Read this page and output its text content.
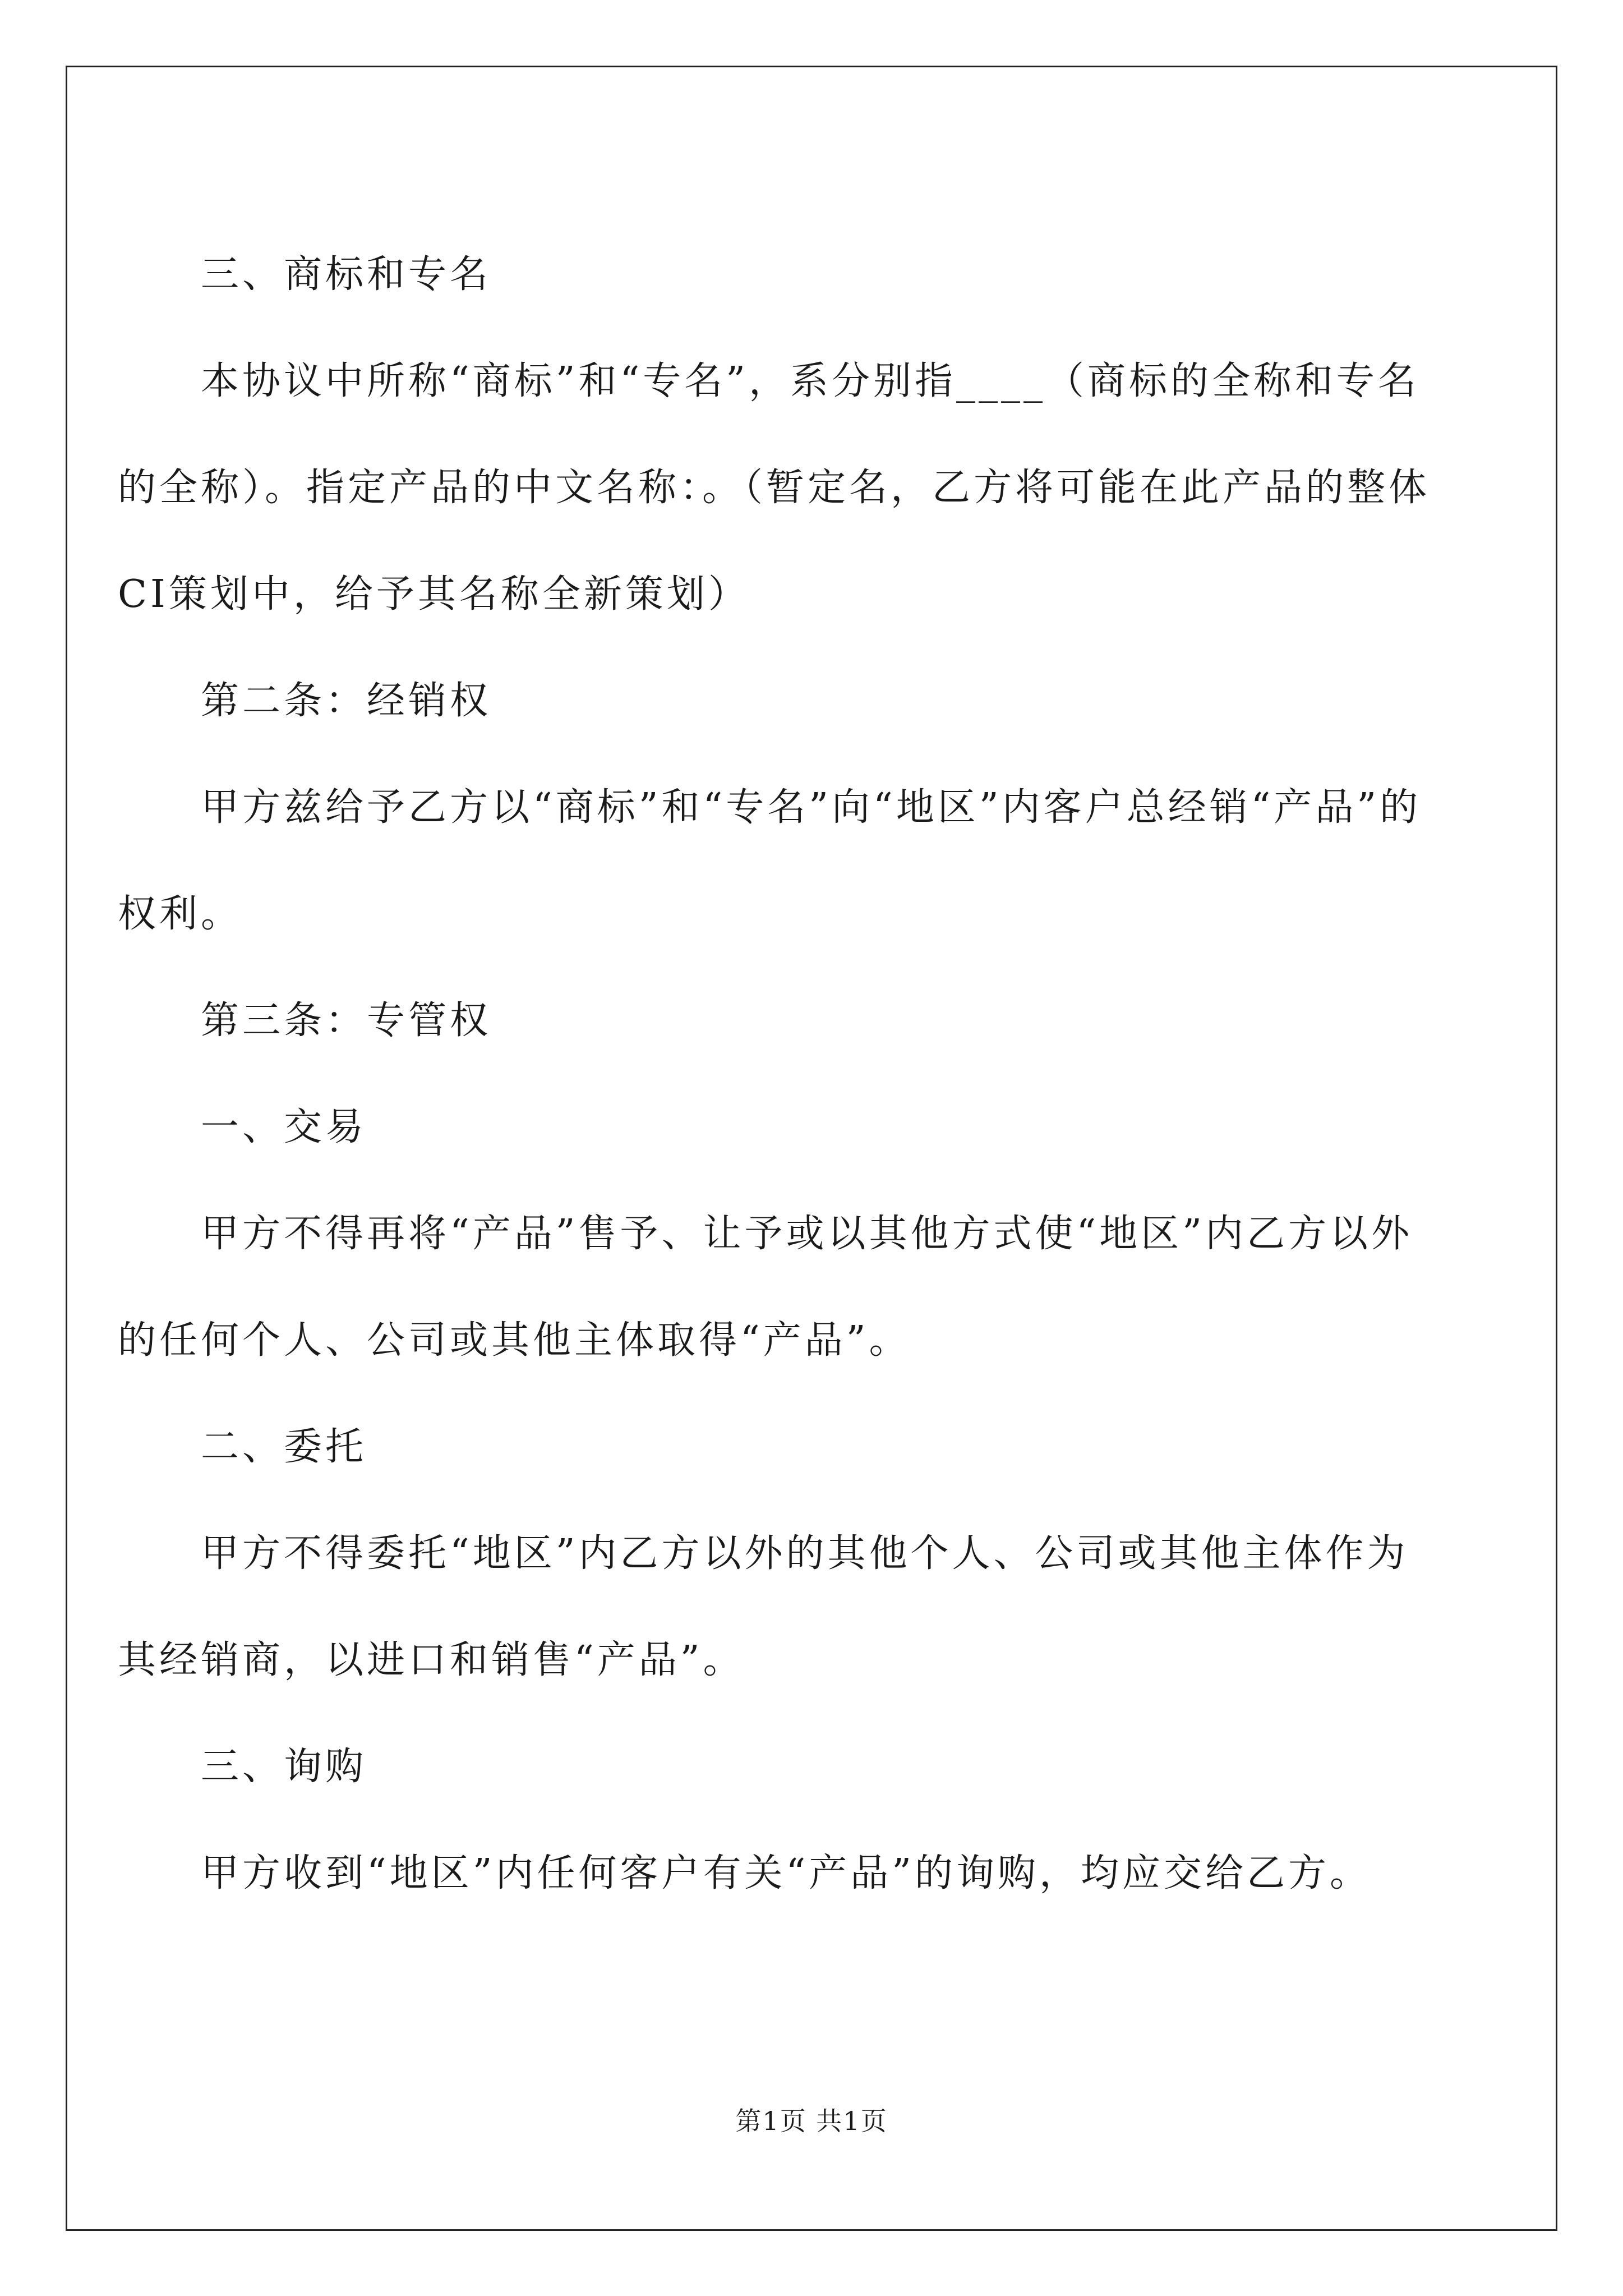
三、商标和专名

本协议中所称“商标”和“专名”，系分别指____（商标的全称和专名的全称）。指定产品的中文名称：。（暂定名，乙方将可能在此产品的整体CI策划中，给予其名称全新策划）

第二条：经销权

甲方兹给予乙方以“商标”和“专名”向“地区”内客户总经销“产品”的权利。

第三条：专管权

一、交易

甲方不得再将“产品”售予、让予或以其他方式使“地区”内乙方以外的任何个人、公司或其他主体取得“产品”。

二、委托

甲方不得委托“地区”内乙方以外的其他个人、公司或其他主体作为其经销商，以进口和销售“产品”。

三、询购

甲方收到“地区”内任何客户有关“产品”的询购，均应交给乙方。

第1页 共1页
